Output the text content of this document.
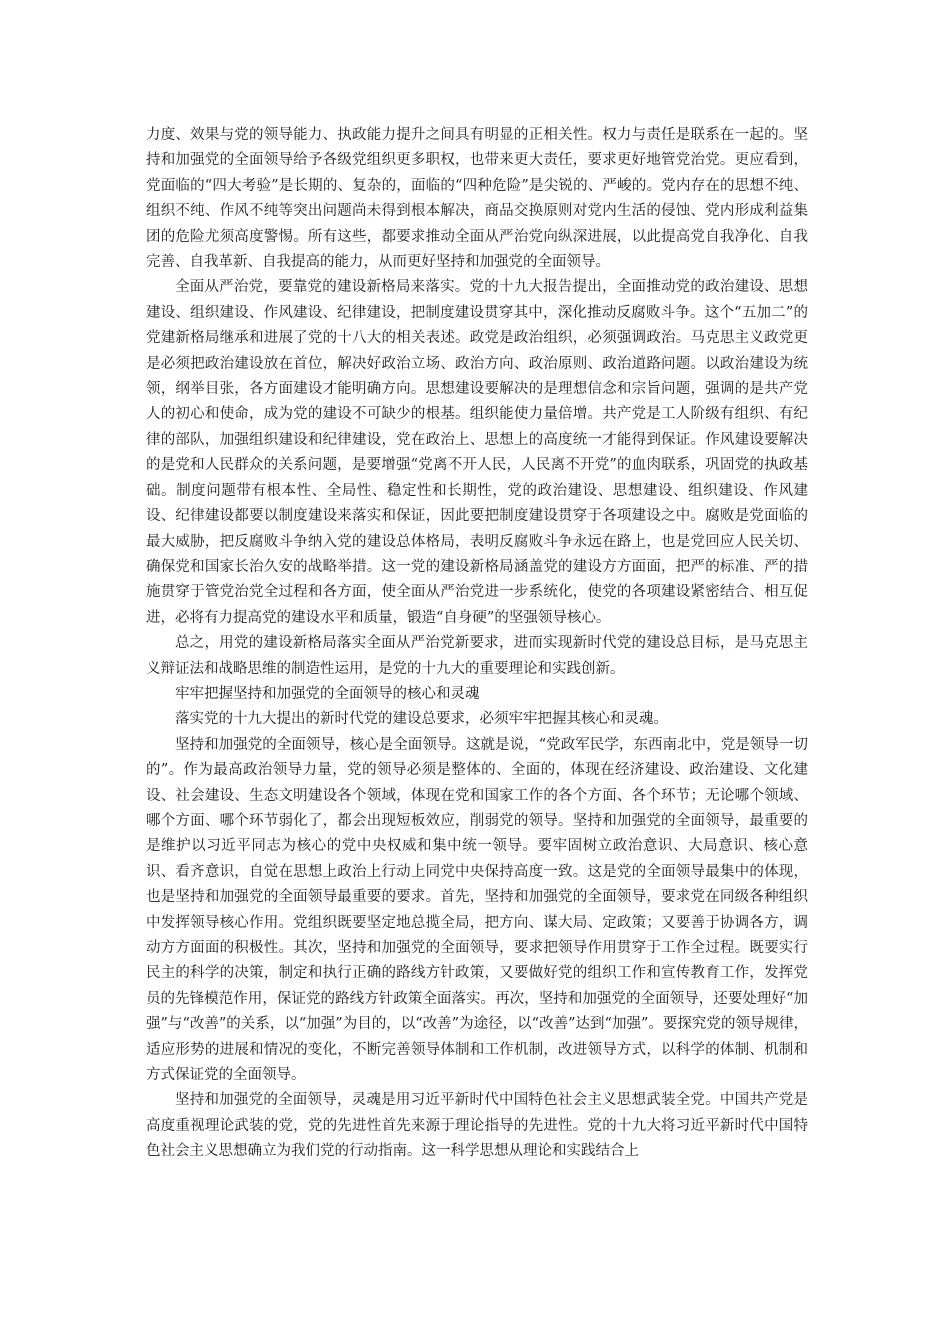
力度、效果与党的领导能力、执政能力提升之间具有明显的正相关性。权力与责任是联系在一起的。坚持和加强党的全面领导给予各级党组织更多职权，也带来更大责任，要求更好地管党治党。更应看到，党面临的“四大考验”是长期的、复杂的，面临的“四种危险”是尖锐的、严峻的。党内存在的思想不纯、组织不纯、作风不纯等突出问题尚未得到根本解决，商品交换原则对党内生活的侵蚀、党内形成利益集团的危险尤须高度警惕。所有这些，都要求推动全面从严治党向纵深进展，以此提高党自我净化、自我完善、自我革新、自我提高的能力，从而更好坚持和加强党的全面领导。

全面从严治党，要靠党的建设新格局来落实。党的十九大报告提出，全面推动党的政治建设、思想建设、组织建设、作风建设、纪律建设，把制度建设贯穿其中，深化推动反腐败斗争。这个“五加二”的党建新格局继承和进展了党的十八大的相关表述。政党是政治组织，必须强调政治。马克思主义政党更是必须把政治建设放在首位，解决好政治立场、政治方向、政治原则、政治道路问题。以政治建设为统领，纲举目张，各方面建设才能明确方向。思想建设要解决的是理想信念和宗旨问题，强调的是共产党人的初心和使命，成为党的建设不可缺少的根基。组织能使力量倍增。共产党是工人阶级有组织、有纪律的部队，加强组织建设和纪律建设，党在政治上、思想上的高度统一才能得到保证。作风建设要解决的是党和人民群众的关系问题，是要增强“党离不开人民，人民离不开党”的血肉联系，巩固党的执政基础。制度问题带有根本性、全局性、稳定性和长期性，党的政治建设、思想建设、组织建设、作风建设、纪律建设都要以制度建设来落实和保证，因此要把制度建设贯穿于各项建设之中。腐败是党面临的最大威胁，把反腐败斗争纳入党的建设总体格局，表明反腐败斗争永远在路上，也是党回应人民关切、确保党和国家长治久安的战略举措。这一党的建设新格局涵盖党的建设方方面面，把严的标准、严的措施贯穿于管党治党全过程和各方面，使全面从严治党进一步系统化，使党的各项建设紧密结合、相互促进，必将有力提高党的建设水平和质量，锻造“自身硬”的坚强领导核心。

总之，用党的建设新格局落实全面从严治党新要求，进而实现新时代党的建设总目标，是马克思主义辩证法和战略思维的制造性运用，是党的十九大的重要理论和实践创新。

牢牢把握坚持和加强党的全面领导的核心和灵魂

落实党的十九大提出的新时代党的建设总要求，必须牢牢把握其核心和灵魂。

坚持和加强党的全面领导，核心是全面领导。这就是说，“党政军民学，东西南北中，党是领导一切的”。作为最高政治领导力量，党的领导必须是整体的、全面的，体现在经济建设、政治建设、文化建设、社会建设、生态文明建设各个领域，体现在党和国家工作的各个方面、各个环节；无论哪个领域、哪个方面、哪个环节弱化了，都会出现短板效应，削弱党的领导。坚持和加强党的全面领导，最重要的是维护以习近平同志为核心的党中央权威和集中统一领导。要牢固树立政治意识、大局意识、核心意识、看齐意识，自觉在思想上政治上行动上同党中央保持高度一致。这是党的全面领导最集中的体现，也是坚持和加强党的全面领导最重要的要求。首先，坚持和加强党的全面领导，要求党在同级各种组织中发挥领导核心作用。党组织既要坚定地总揽全局，把方向、谋大局、定政策；又要善于协调各方，调动方方面面的积极性。其次，坚持和加强党的全面领导，要求把领导作用贯穿于工作全过程。既要实行民主的科学的决策，制定和执行正确的路线方针政策，又要做好党的组织工作和宣传教育工作，发挥党员的先锋模范作用，保证党的路线方针政策全面落实。再次，坚持和加强党的全面领导，还要处理好“加强”与“改善”的关系，以“加强”为目的，以“改善”为途径，以“改善”达到“加强”。要探究党的领导规律，适应形势的进展和情况的变化，不断完善领导体制和工作机制，改进领导方式，以科学的体制、机制和方式保证党的全面领导。

坚持和加强党的全面领导，灵魂是用习近平新时代中国特色社会主义思想武装全党。中国共产党是高度重视理论武装的党，党的先进性首先来源于理论指导的先进性。党的十九大将习近平新时代中国特色社会主义思想确立为我们党的行动指南。这一科学思想从理论和实践结合上
